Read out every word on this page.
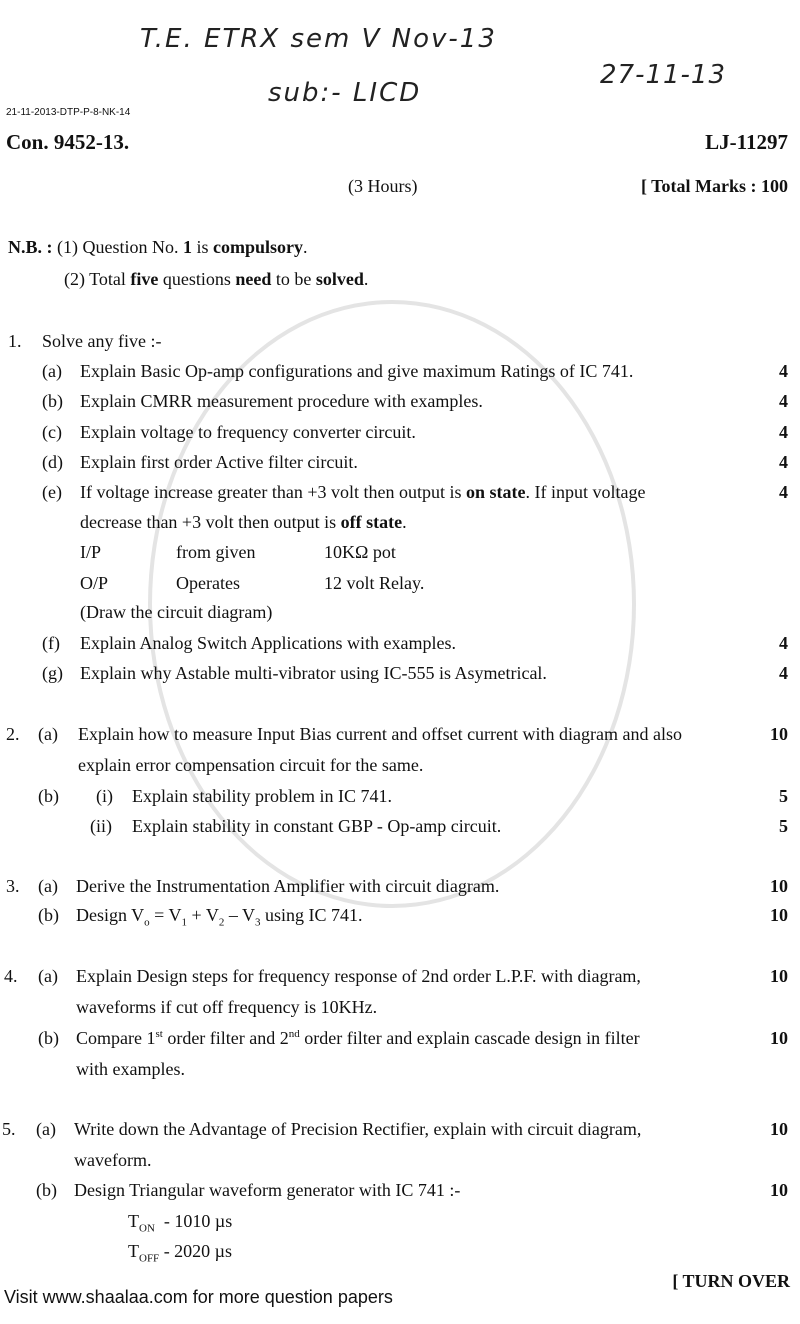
T.E. ETRX sem V Nov-13
sub:- LICD
27-11-13
21-11-2013-DTP-P-8-NK-14
Con. 9452-13.	LJ-11297
(3 Hours)	[ Total Marks : 100
N.B. : (1) Question No. 1 is compulsory.
(2) Total five questions need to be solved.
1. Solve any five :-
(a) Explain Basic Op-amp configurations and give maximum Ratings of IC 741.	4
(b) Explain CMRR measurement procedure with examples.	4
(c) Explain voltage to frequency converter circuit.	4
(d) Explain first order Active filter circuit.	4
(e) If voltage increase greater than +3 volt then output is on state. If input voltage	4
decrease than +3 volt then output is off state.
I/P	from given	10KΩ pot
O/P	Operates	12 volt Relay.
(Draw the circuit diagram)
(f) Explain Analog Switch Applications with examples.	4
(g) Explain why Astable multi-vibrator using IC-555 is Asymetrical.	4
2. (a) Explain how to measure Input Bias current and offset current with diagram and also	10
explain error compensation circuit for the same.
(b) (i) Explain stability problem in IC 741.	5
(ii) Explain stability in constant GBP - Op-amp circuit.	5
3. (a) Derive the Instrumentation Amplifier with circuit diagram.	10
(b) Design $V_o = V_1 + V_2 - V_3$ using IC 741.	10
4. (a) Explain Design steps for frequency response of 2nd order L.P.F. with diagram,	10
waveforms if cut off frequency is 10KHz.
(b) Compare 1st order filter and 2nd order filter and explain cascade design in filter	10
with examples.
5. (a) Write down the Advantage of Precision Rectifier, explain with circuit diagram,	10
waveform.
(b) Design Triangular waveform generator with IC 741 :-	10
$T_{ON} - 1010$ µs
$T_{OFF} - 2020$ µs
[ TURN OVER
Visit www.shaalaa.com for more question papers
